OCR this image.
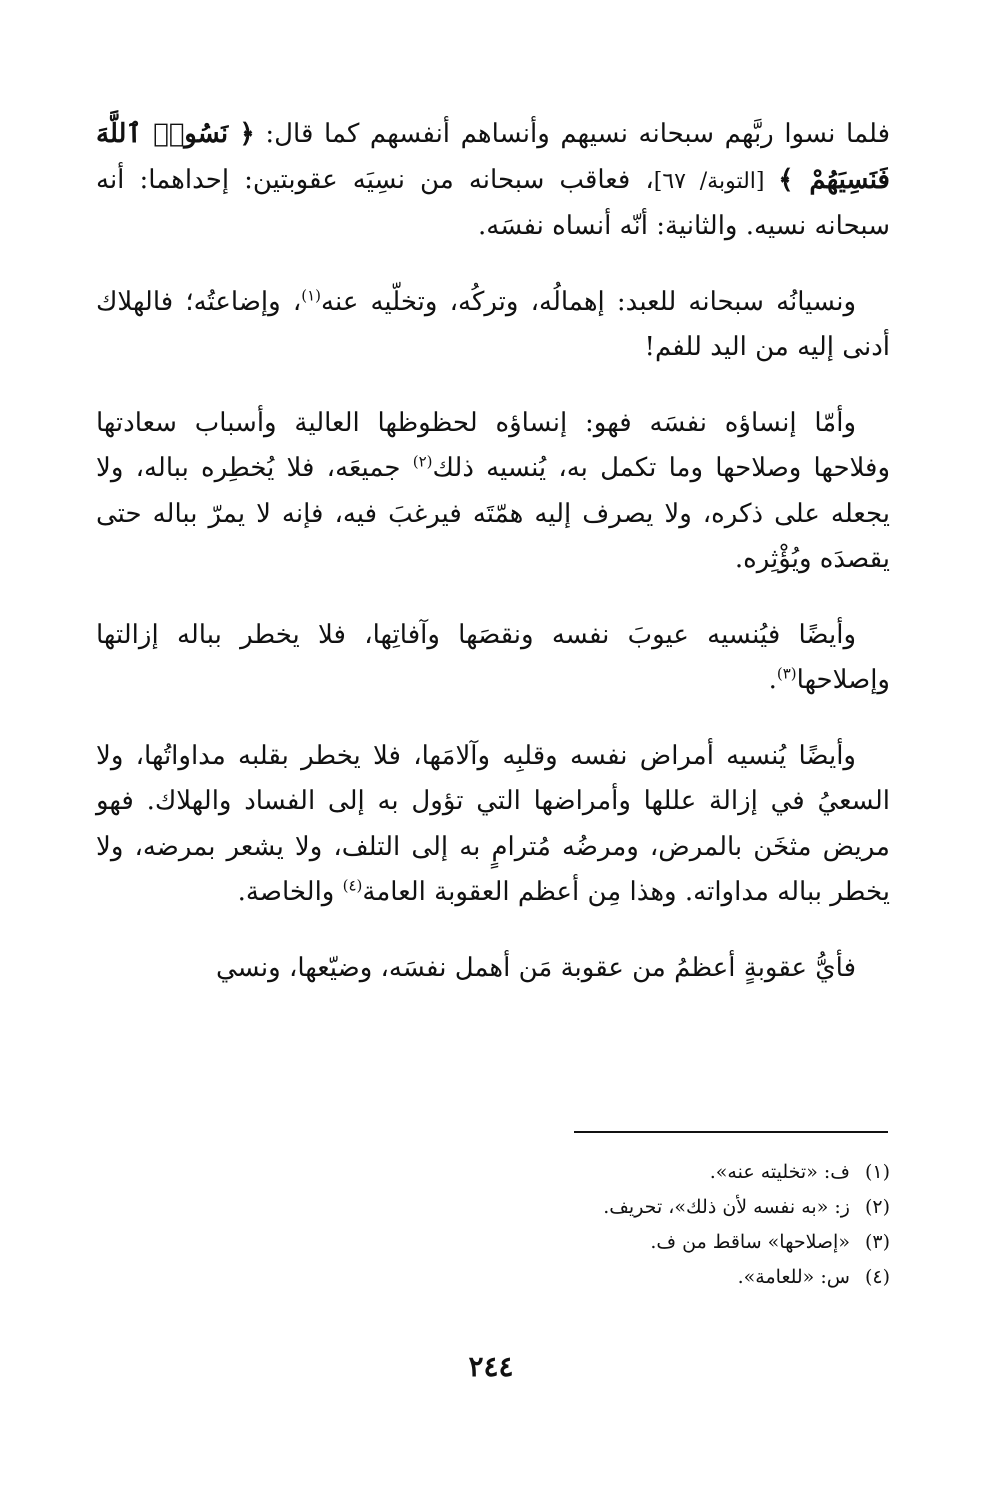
فلما نسوا ربَّهم سبحانه نسيهم وأنساهم أنفسهم كما قال: ﴿ نَسُوا۟ ٱللَّهَ فَنَسِيَهُمْ ﴾ [التوبة/ ٦٧]، فعاقب سبحانه من نسِيَه عقوبتين: إحداهما: أنه سبحانه نسيه. والثانية: أنّه أنساه نفسَه.

ونسيانُه سبحانه للعبد: إهمالُه، وتركُه، وتخلّيه عنه$^{(١)}$، وإضاعتُه؛ فالهلاك أدنى إليه من اليد للفم!

وأمّا إنساؤه نفسَه فهو: إنساؤه لحظوظها العالية وأسباب سعادتها وفلاحها وصلاحها وما تكمل به، يُنسيه ذلك$^{(٢)}$ جميعَه، فلا يُخطِره بباله، ولا يجعله على ذكره، ولا يصرف إليه همّتَه فيرغبَ فيه، فإنه لا يمرّ بباله حتى يقصدَه ويُؤْثِره.

وأيضًا فيُنسيه عيوبَ نفسه ونقصَها وآفاتِها، فلا يخطر بباله إزالتها وإصلاحها$^{(٣)}$.

وأيضًا يُنسيه أمراض نفسه وقلبِه وآلامَها، فلا يخطر بقلبه مداواتُها، ولا السعيُ في إزالة عللها وأمراضها التي تؤول به إلى الفساد والهلاك. فهو مريض مثخَن بالمرض، ومرضُه مُترامٍ به إلى التلف، ولا يشعر بمرضه، ولا يخطر بباله مداواته. وهذا مِن أعظم العقوبة العامة$^{(٤)}$ والخاصة.

فأيُّ عقوبةٍ أعظمُ من عقوبة مَن أهمل نفسَه، وضيّعها، ونسي

(١) ف: «تخليته عنه».
(٢) ز: «به نفسه لأن ذلك»، تحريف.
(٣) «إصلاحها» ساقط من ف.
(٤) س: «للعامة».
٢٤٤
